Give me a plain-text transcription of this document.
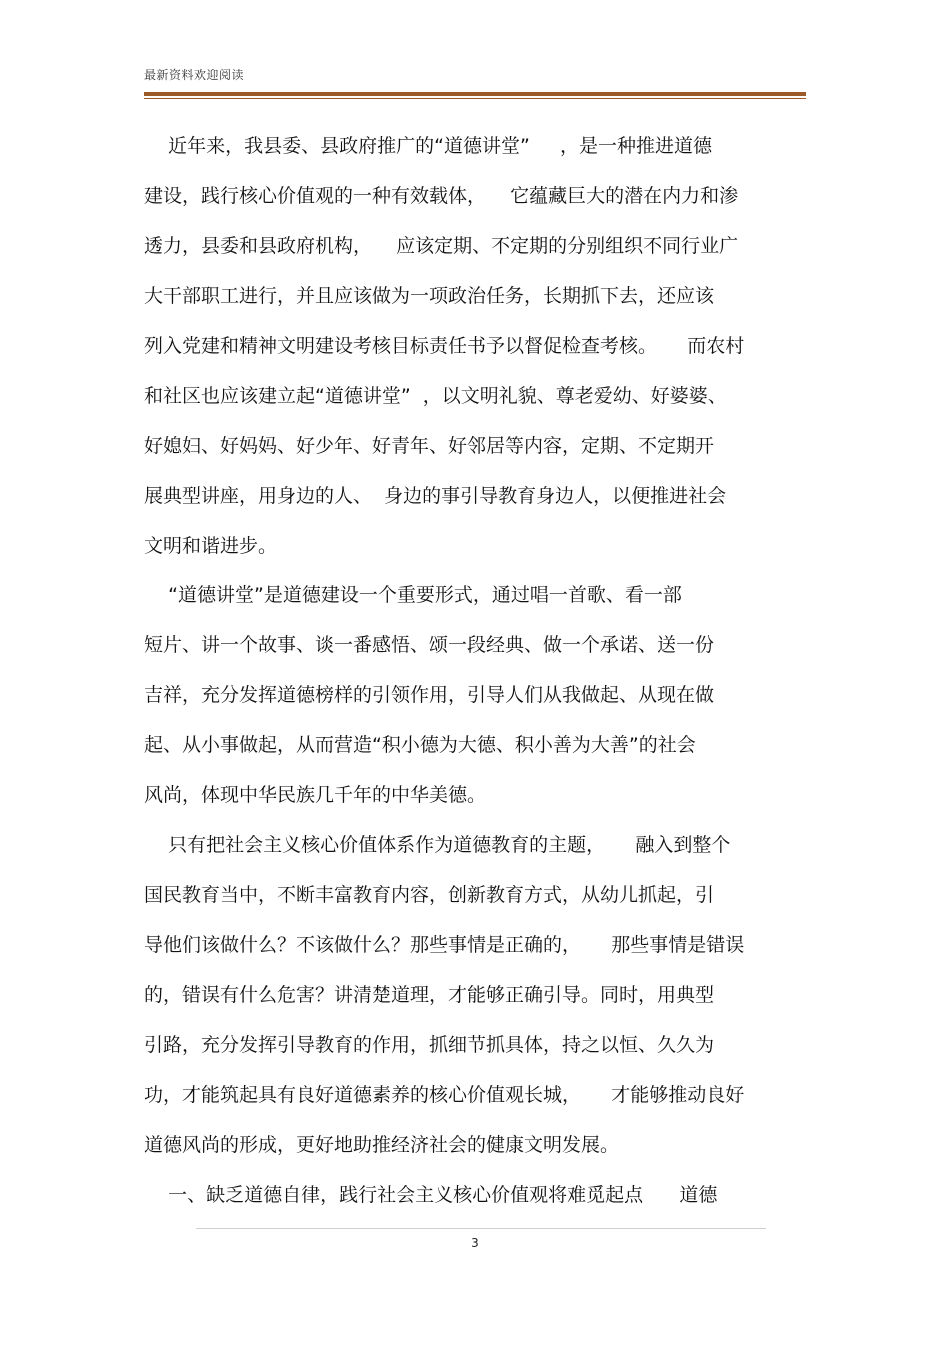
最新资料欢迎阅读
近年来，我县委、县政府推广的“道德讲堂”     ，是一种推进道德
建设，践行核心价值观的一种有效载体，    它蕴藏巨大的潜在内力和渗
透力，县委和县政府机构，    应该定期、不定期的分别组织不同行业广
大干部职工进行，并且应该做为一项政治任务，长期抓下去，还应该
列入党建和精神文明建设考核目标责任书予以督促检查考核。     而农村
和社区也应该建立起“道德讲堂”  ，以文明礼貌、尊老爱幼、好婆婆、
好媳妇、好妈妈、好少年、好青年、好邻居等内容，定期、不定期开
展典型讲座，用身边的人、  身边的事引导教育身边人，以便推进社会
文明和谐进步。
“道德讲堂”是道德建设一个重要形式，通过唱一首歌、看一部
短片、讲一个故事、谈一番感悟、颂一段经典、做一个承诺、送一份
吉祥，充分发挥道德榜样的引领作用，引导人们从我做起、从现在做
起、从小事做起，从而营造“积小德为大德、积小善为大善”的社会
风尚，体现中华民族几千年的中华美德。
只有把社会主义核心价值体系作为道德教育的主题，     融入到整个
国民教育当中，不断丰富教育内容，创新教育方式，从幼儿抓起，引
导他们该做什么？不该做什么？那些事情是正确的，     那些事情是错误
的，错误有什么危害？讲清楚道理，才能够正确引导。同时，用典型
引路，充分发挥引导教育的作用，抓细节抓具体，持之以恒、久久为
功，才能筑起具有良好道德素养的核心价值观长城，     才能够推动良好
道德风尚的形成，更好地助推经济社会的健康文明发展。
一、缺乏道德自律，践行社会主义核心价值观将难觅起点      道德
3
